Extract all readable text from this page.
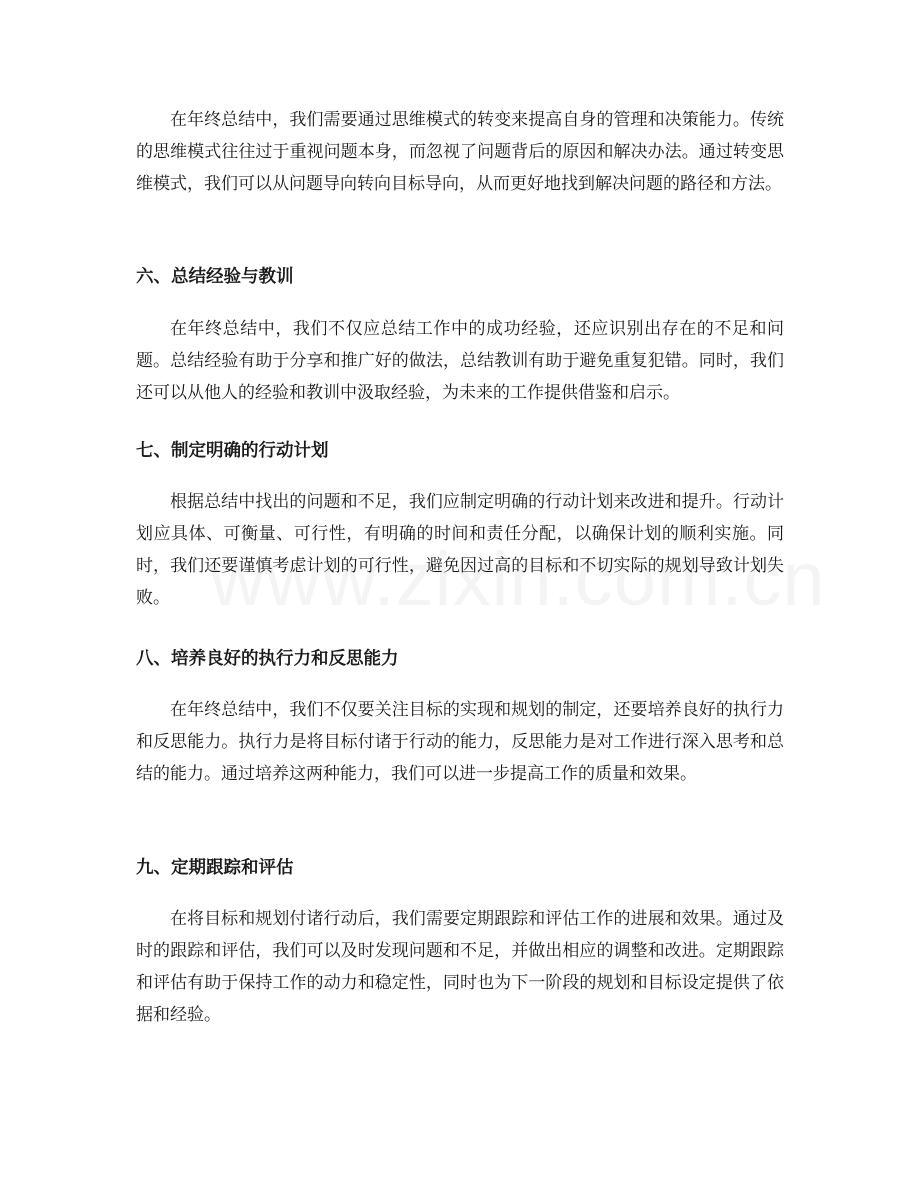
在年终总结中，我们需要通过思维模式的转变来提高自身的管理和决策能力。传统的思维模式往往过于重视问题本身，而忽视了问题背后的原因和解决办法。通过转变思维模式，我们可以从问题导向转向目标导向，从而更好地找到解决问题的路径和方法。

六、总结经验与教训

在年终总结中，我们不仅应总结工作中的成功经验，还应识别出存在的不足和问题。总结经验有助于分享和推广好的做法，总结教训有助于避免重复犯错。同时，我们还可以从他人的经验和教训中汲取经验，为未来的工作提供借鉴和启示。

七、制定明确的行动计划

根据总结中找出的问题和不足，我们应制定明确的行动计划来改进和提升。行动计划应具体、可衡量、可行性，有明确的时间和责任分配，以确保计划的顺利实施。同时，我们还要谨慎考虑计划的可行性，避免因过高的目标和不切实际的规划导致计划失败。

八、培养良好的执行力和反思能力

在年终总结中，我们不仅要关注目标的实现和规划的制定，还要培养良好的执行力和反思能力。执行力是将目标付诸于行动的能力，反思能力是对工作进行深入思考和总结的能力。通过培养这两种能力，我们可以进一步提高工作的质量和效果。

九、定期跟踪和评估

在将目标和规划付诸行动后，我们需要定期跟踪和评估工作的进展和效果。通过及时的跟踪和评估，我们可以及时发现问题和不足，并做出相应的调整和改进。定期跟踪和评估有助于保持工作的动力和稳定性，同时也为下一阶段的规划和目标设定提供了依据和经验。
